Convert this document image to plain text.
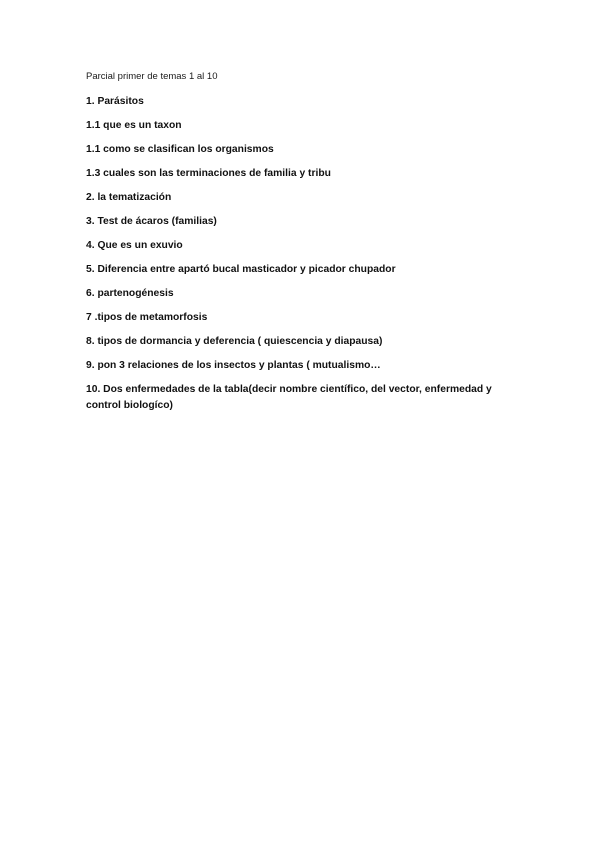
Parcial primer de temas 1 al 10

1. Parásitos
1.1 que es un taxon
1.1 como se clasifican los organismos
1.3 cuales son las terminaciones de familia y tribu
2. la tematización
3. Test de ácaros (familias)
4. Que es un exuvio
5. Diferencia entre apartó bucal masticador y picador chupador
6. partenogénesis
7 .tipos de metamorfosis
8. tipos de dormancia y deferencia ( quiescencia y diapausa)
9. pon 3 relaciones de los insectos y plantas ( mutualismo…
10. Dos enfermedades de la tabla(decir nombre científico, del vector, enfermedad y control biologíco)
